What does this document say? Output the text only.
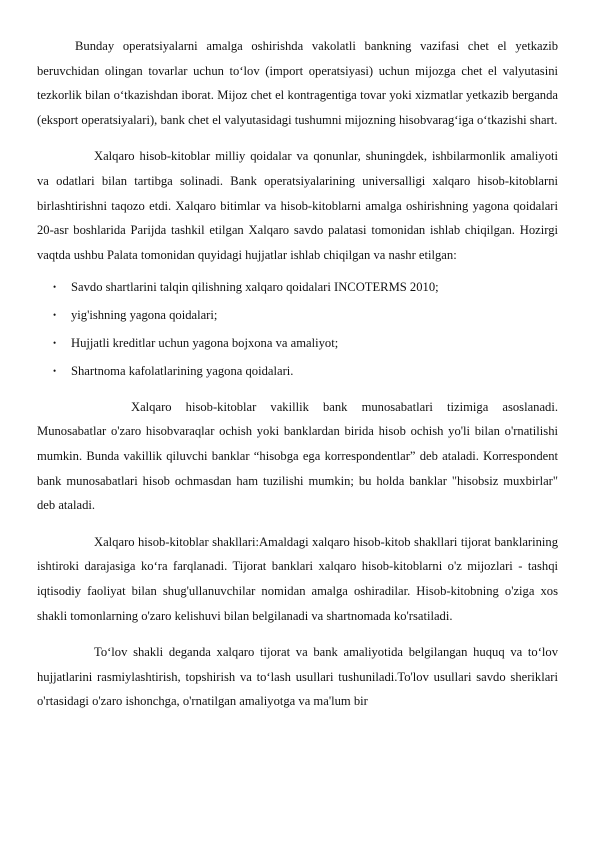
Bunday operatsiyalarni amalga oshirishda vakolatli bankning vazifasi chet el yetkazib beruvchidan olingan tovarlar uchun to‘lov (import operatsiyasi) uchun mijozga chet el valyutasini tezkorlik bilan o‘tkazishdan iborat. Mijoz chet el kontragentiga tovar yoki xizmatlar yetkazib berganda (eksport operatsiyalari), bank chet el valyutasidagi tushumni mijozning hisobvarag‘iga o‘tkazishi shart.

Xalqaro hisob-kitoblar milliy qoidalar va qonunlar, shuningdek, ishbilarmonlik amaliyoti va odatlari bilan tartibga solinadi. Bank operatsiyalarining universalligi xalqaro hisob-kitoblarni birlashtirishni taqozo etdi. Xalqaro bitimlar va hisob-kitoblarni amalga oshirishning yagona qoidalari 20-asr boshlarida Parijda tashkil etilgan Xalqaro savdo palatasi tomonidan ishlab chiqilgan. Hozirgi vaqtda ushbu Palata tomonidan quyidagi hujjatlar ishlab chiqilgan va nashr etilgan:

• Savdo shartlarini talqin qilishning xalqaro qoidalari INCOTERMS 2010;
• yig'ishning yagona qoidalari;
• Hujjatli kreditlar uchun yagona bojxona va amaliyot;
• Shartnoma kafolatlarining yagona qoidalari.

Xalqaro hisob-kitoblar vakillik bank munosabatlari tizimiga asoslanadi. Munosabatlar o'zaro hisobvaraqlar ochish yoki banklardan birida hisob ochish yo'li bilan o'rnatilishi mumkin. Bunda vakillik qiluvchi banklar “hisobga ega korrespondentlar” deb ataladi. Korrespondent bank munosabatlari hisob ochmasdan ham tuzilishi mumkin; bu holda banklar "hisobsiz muxbirlar" deb ataladi.

Xalqaro hisob-kitoblar shakllari:Amaldagi xalqaro hisob-kitob shakllari tijorat banklarining ishtiroki darajasiga ko‘ra farqlanadi. Tijorat banklari xalqaro hisob-kitoblarni o'z mijozlari - tashqi iqtisodiy faoliyat bilan shug'ullanuvchilar nomidan amalga oshiradilar. Hisob-kitobning o'ziga xos shakli tomonlarning o'zaro kelishuvi bilan belgilanadi va shartnomada ko'rsatiladi.

To‘lov shakli deganda xalqaro tijorat va bank amaliyotida belgilangan huquq va to‘lov hujjatlarini rasmiylashtirish, topshirish va to‘lash usullari tushuniladi.To'lov usullari savdo sheriklari o'rtasidagi o'zaro ishonchga, o'rnatilgan amaliyotga va ma'lum bir
